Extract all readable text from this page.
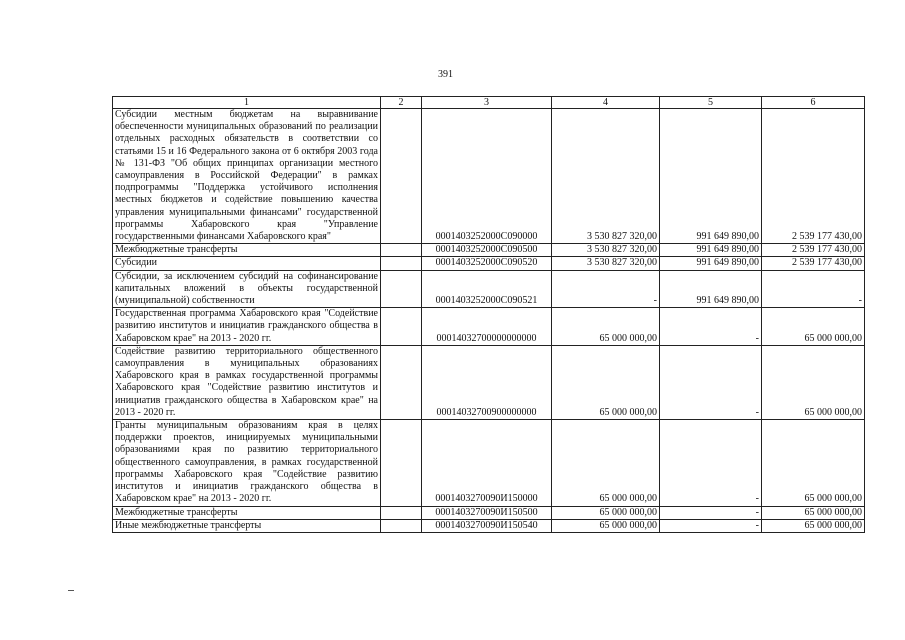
391
1	2	3	4	5	6
Субсидии местным бюджетам на выравнивание обеспеченности муниципальных образований по реализации отдельных расходных обязательств в соответствии со статьями 15 и 16 Федерального закона от 6 октября 2003 года № 131-ФЗ "Об общих принципах организации местного самоуправления в Российской Федерации" в рамках подпрограммы "Поддержка устойчивого исполнения местных бюджетов и содействие повышению качества управления муниципальными финансами" государственной программы Хабаровского края "Управление государственными финансами Хабаровского края"		0001403252000С090000	3 530 827 320,00	991 649 890,00	2 539 177 430,00
Межбюджетные трансферты		0001403252000С090500	3 530 827 320,00	991 649 890,00	2 539 177 430,00
Субсидии		0001403252000С090520	3 530 827 320,00	991 649 890,00	2 539 177 430,00
Субсидии, за исключением субсидий на софинансирование капитальных вложений в объекты государственной (муниципальной) собственности		0001403252000С090521	-	991 649 890,00	-
Государственная программа Хабаровского края "Содействие развитию институтов и инициатив гражданского общества в Хабаровском крае" на 2013 - 2020 гг.		00014032700000000000	65 000 000,00	-	65 000 000,00
Содействие развитию территориального общественного самоуправления в муниципальных образованиях Хабаровского края в рамках государственной программы Хабаровского края "Содействие развитию институтов и инициатив гражданского общества в Хабаровском крае" на 2013 - 2020 гг.		00014032700900000000	65 000 000,00	-	65 000 000,00
Гранты муниципальным образованиям края в целях поддержки проектов, инициируемых муниципальными образованиями края по развитию территориального общественного самоуправления, в рамках государственной программы Хабаровского края "Содействие развитию институтов и инициатив гражданского общества в Хабаровском крае" на 2013 - 2020 гг.		0001403270090И150000	65 000 000,00	-	65 000 000,00
Межбюджетные трансферты		0001403270090И150500	65 000 000,00	-	65 000 000,00
Иные межбюджетные трансферты		0001403270090И150540	65 000 000,00	-	65 000 000,00
